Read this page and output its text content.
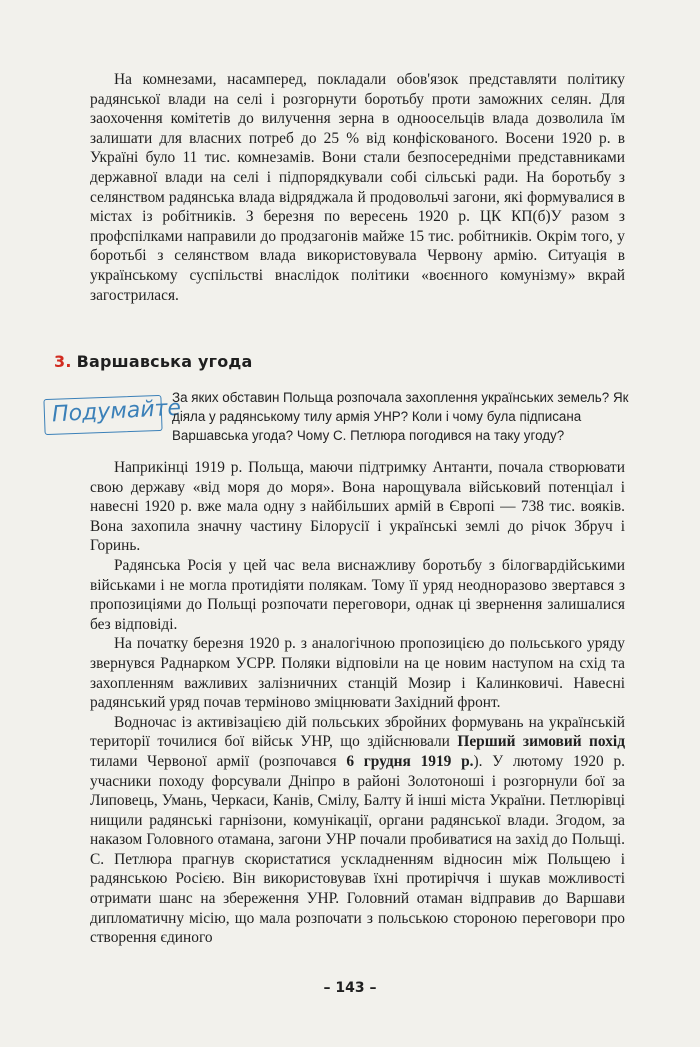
На комнезами, насамперед, покладали обов'язок представляти політику радянської влади на селі і розгорнути боротьбу проти заможних селян. Для заохочення комітетів до вилучення зерна в одноосельців влада дозволила їм залишати для власних потреб до 25 % від конфіскованого. Восени 1920 р. в Україні було 11 тис. комнезамів. Вони стали безпосередніми представниками державної влади на селі і підпорядкували собі сільські ради. На боротьбу з селянством радянська влада відряджала й продовольчі загони, які формувалися в містах із робітників. З березня по вересень 1920 р. ЦК КП(б)У разом з профспілками направили до продзагонів майже 15 тис. робітників. Окрім того, у боротьбі з селянством влада використовувала Червону армію. Ситуація в українському суспільстві внаслідок політики «воєнного комунізму» вкрай загострилася.

3. Варшавська угода
Подумайте
За яких обставин Польща розпочала захоплення українських земель? Як діяла у радянському тилу армія УНР? Коли і чому була підписана Варшавська угода? Чому С. Петлюра погодився на таку угоду?

Наприкінці 1919 р. Польща, маючи підтримку Антанти, почала створювати свою державу «від моря до моря». Вона нарощувала військовий потенціал і навесні 1920 р. вже мала одну з найбільших армій в Європі — 738 тис. вояків. Вона захопила значну частину Білорусії і українські землі до річок Збруч і Горинь.

Радянська Росія у цей час вела виснажливу боротьбу з білогвардійськими військами і не могла протидіяти полякам. Тому її уряд неодноразово звертався з пропозиціями до Польщі розпочати переговори, однак ці звернення залишалися без відповіді.

На початку березня 1920 р. з аналогічною пропозицією до польського уряду звернувся Раднарком УСРР. Поляки відповіли на це новим наступом на схід та захопленням важливих залізничних станцій Мозир і Калинковичі. Навесні радянський уряд почав терміново зміцнювати Західний фронт.

Водночас із активізацією дій польських збройних формувань на українській території точилися бої військ УНР, що здійснювали Перший зимовий похід тилами Червоної армії (розпочався 6 грудня 1919 р.). У лютому 1920 р. учасники походу форсували Дніпро в районі Золотоноші і розгорнули бої за Липовець, Умань, Черкаси, Канів, Смілу, Балту й інші міста України. Петлюрівці нищили радянські гарнізони, комунікації, органи радянської влади. Згодом, за наказом Головного отамана, загони УНР почали пробиватися на захід до Польщі. С. Петлюра прагнув скористатися ускладненням відносин між Польщею і радянською Росією. Він використовував їхні протиріччя і шукав можливості отримати шанс на збереження УНР. Головний отаман відправив до Варшави дипломатичну місію, що мала розпочати з польською стороною переговори про створення єдиного

– 143 –
